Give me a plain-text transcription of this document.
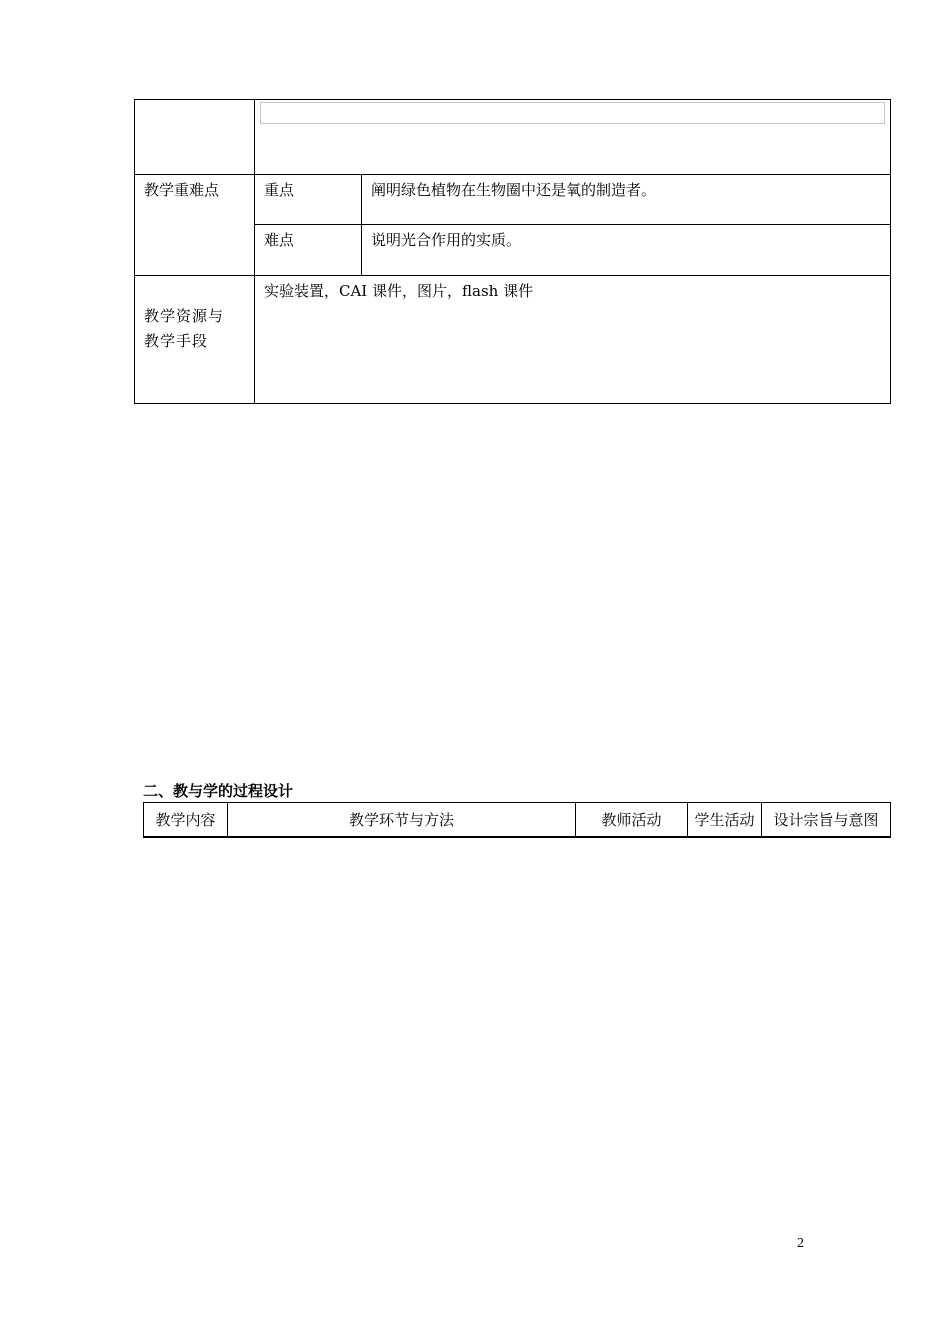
教学重难点	重点	阐明绿色植物在生物圈中还是氧的制造者。

	难点	说明光合作用的实质。

教学资源与
教学手段	实验装置，CAI 课件，图片，flash 课件	
二、教与学的过程设计
教学内容	教学环节与方法	教师活动	学生活动	设计宗旨与意图
2
